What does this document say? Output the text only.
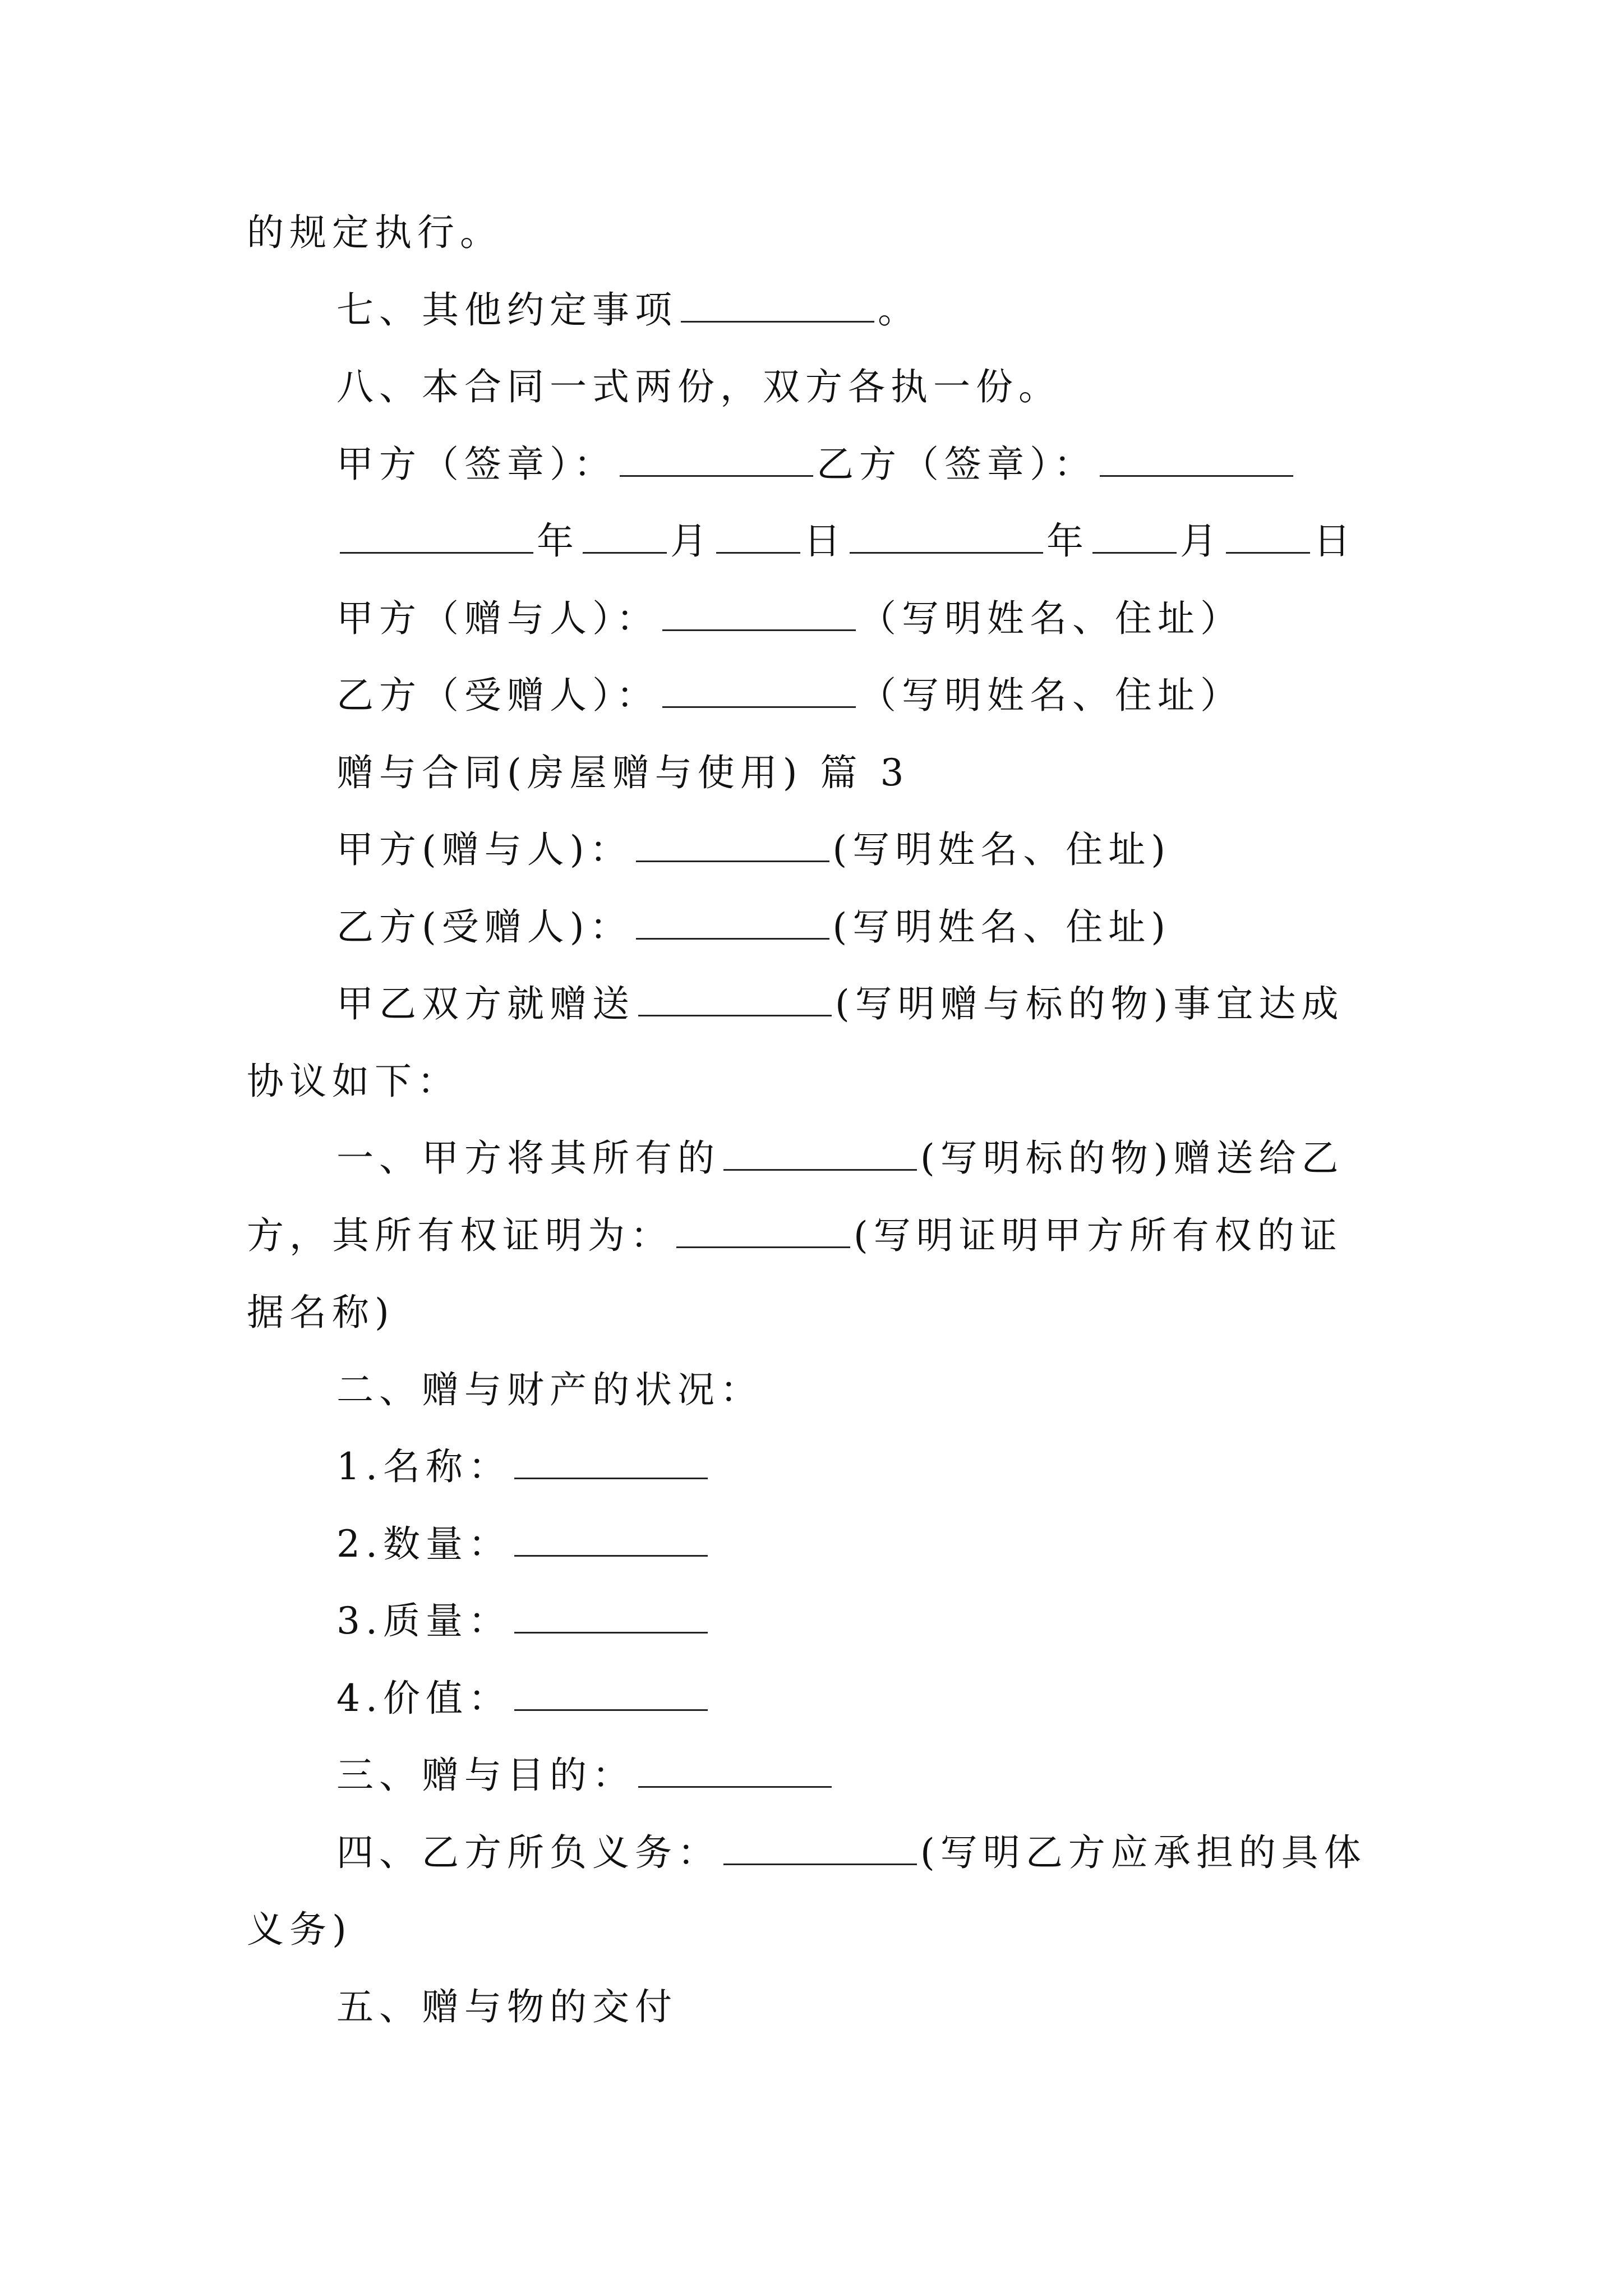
的规定执行。
七、其他约定事项	。
八、本合同一式两份，双方各执一份。
甲方（签章）：	乙方（签章）：
年 月 日	年 月 日
甲方（赠与人）：	（写明姓名、住址）
乙方（受赠人）：	（写明姓名、住址）
赠与合同(房屋赠与使用) 篇 3
甲方(赠与人)：	(写明姓名、住址)
乙方(受赠人)：	(写明姓名、住址)
甲乙双方就赠送	(写明赠与标的物)事宜达成
协议如下：
一、甲方将其所有的	(写明标的物)赠送给乙
方，其所有权证明为：	(写明证明甲方所有权的证
据名称)
二、赠与财产的状况：
1.名称：
2.数量：
3.质量：
4.价值：
三、赠与目的：
四、乙方所负义务：	(写明乙方应承担的具体
义务)
五、赠与物的交付
